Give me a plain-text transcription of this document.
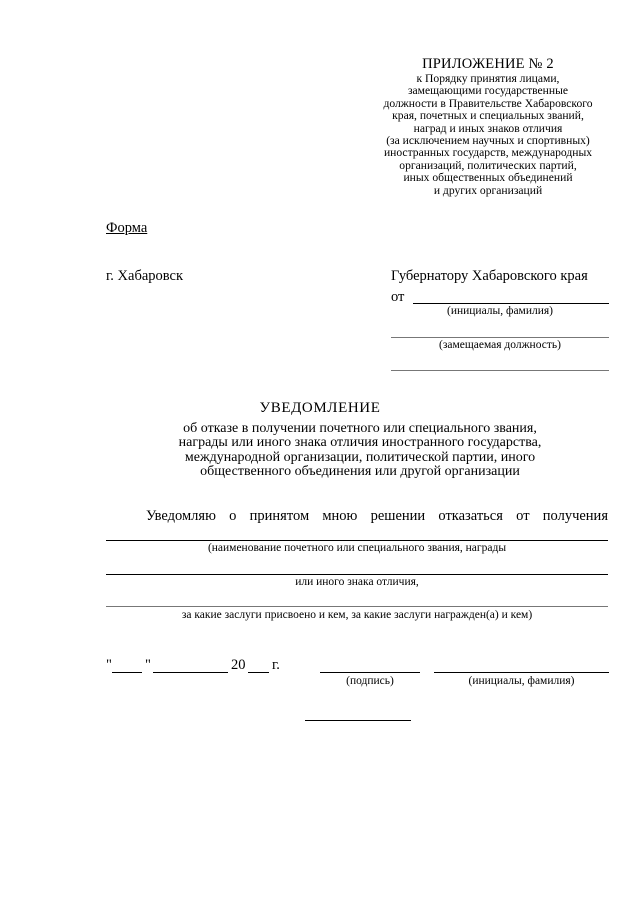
ПРИЛОЖЕНИЕ № 2
к Порядку принятия лицами,
замещающими государственные
должности в Правительстве Хабаровского
края, почетных и специальных званий,
наград и иных знаков отличия
(за исключением научных и спортивных)
иностранных государств, международных
организаций, политических партий,
иных общественных объединений
и других организаций
Форма
г. Хабаровск	Губернатору Хабаровского края
от
(инициалы, фамилия)
(замещаемая должность)
УВЕДОМЛЕНИЕ
об отказе в получении почетного или специального звания,
награды или иного знака отличия иностранного государства,
международной организации, политической партии, иного
общественного объединения или другой организации
Уведомляю о принятом мною решении отказаться от получения
(наименование почетного или специального звания, награды
или иного знака отличия,
за какие заслуги присвоено и кем, за какие заслуги награжден(а) и кем)
" "	20 г.
(подпись)	(инициалы, фамилия)
